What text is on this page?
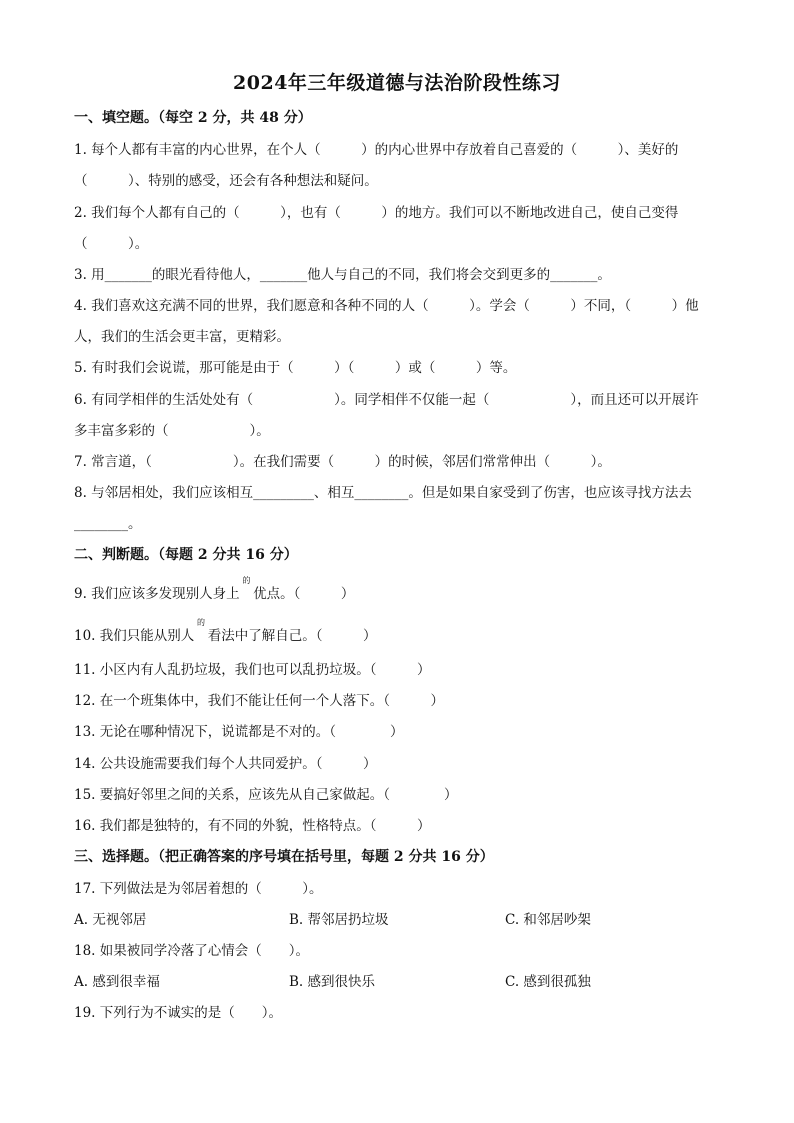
2024年三年级道德与法治阶段性练习
一、填空题。（每空 2 分，共 48 分）
1. 每个人都有丰富的内心世界，在个人（　　　）的内心世界中存放着自己喜爱的（　　　）、美好的
（　　　）、特别的感受，还会有各种想法和疑问。
2. 我们每个人都有自己的（　　　），也有（　　　）的地方。我们可以不断地改进自己，使自己变得
（　　　）。
3. 用_______的眼光看待他人，_______他人与自己的不同，我们将会交到更多的_______。
4. 我们喜欢这充满不同的世界，我们愿意和各种不同的人（　　　）。学会（　　　）不同，（　　　）他
人，我们的生活会更丰富，更精彩。
5. 有时我们会说谎，那可能是由于（　　　）（　　　）或（　　　）等。
6. 有同学相伴的生活处处有（　　　　　　）。同学相伴不仅能一起（　　　　　　），而且还可以开展许
多丰富多彩的（　　　　　　）。
7. 常言道，（　　　　　　）。在我们需要（　　　）的时候，邻居们常常伸出（　　　）。
8. 与邻居相处，我们应该相互_________、相互________。但是如果自家受到了伤害，也应该寻找方法去
________。
二、判断题。（每题 2 分共 16 分）
9. 我们应该多发现别人身上
的
优点。（　　　）
10. 我们只能从别人
的
看法中了解自己。（　　　）
11. 小区内有人乱扔垃圾，我们也可以乱扔垃圾。（　　　）
12. 在一个班集体中，我们不能让任何一个人落下。（　　　）
13. 无论在哪种情况下，说谎都是不对的。（　　　　）
14. 公共设施需要我们每个人共同爱护。（　　　）
15. 要搞好邻里之间的关系，应该先从自己家做起。（　　　　）
16. 我们都是独特的，有不同的外貌，性格特点。（　　　）
三、选择题。（把正确答案的序号填在括号里，每题 2 分共 16 分）
17. 下列做法是为邻居着想的（　　　）。
A. 无视邻居	B. 帮邻居扔垃圾	C. 和邻居吵架
18. 如果被同学冷落了心情会（　　）。
A. 感到很幸福	B. 感到很快乐	C. 感到很孤独
19. 下列行为不诚实的是（　　）。
